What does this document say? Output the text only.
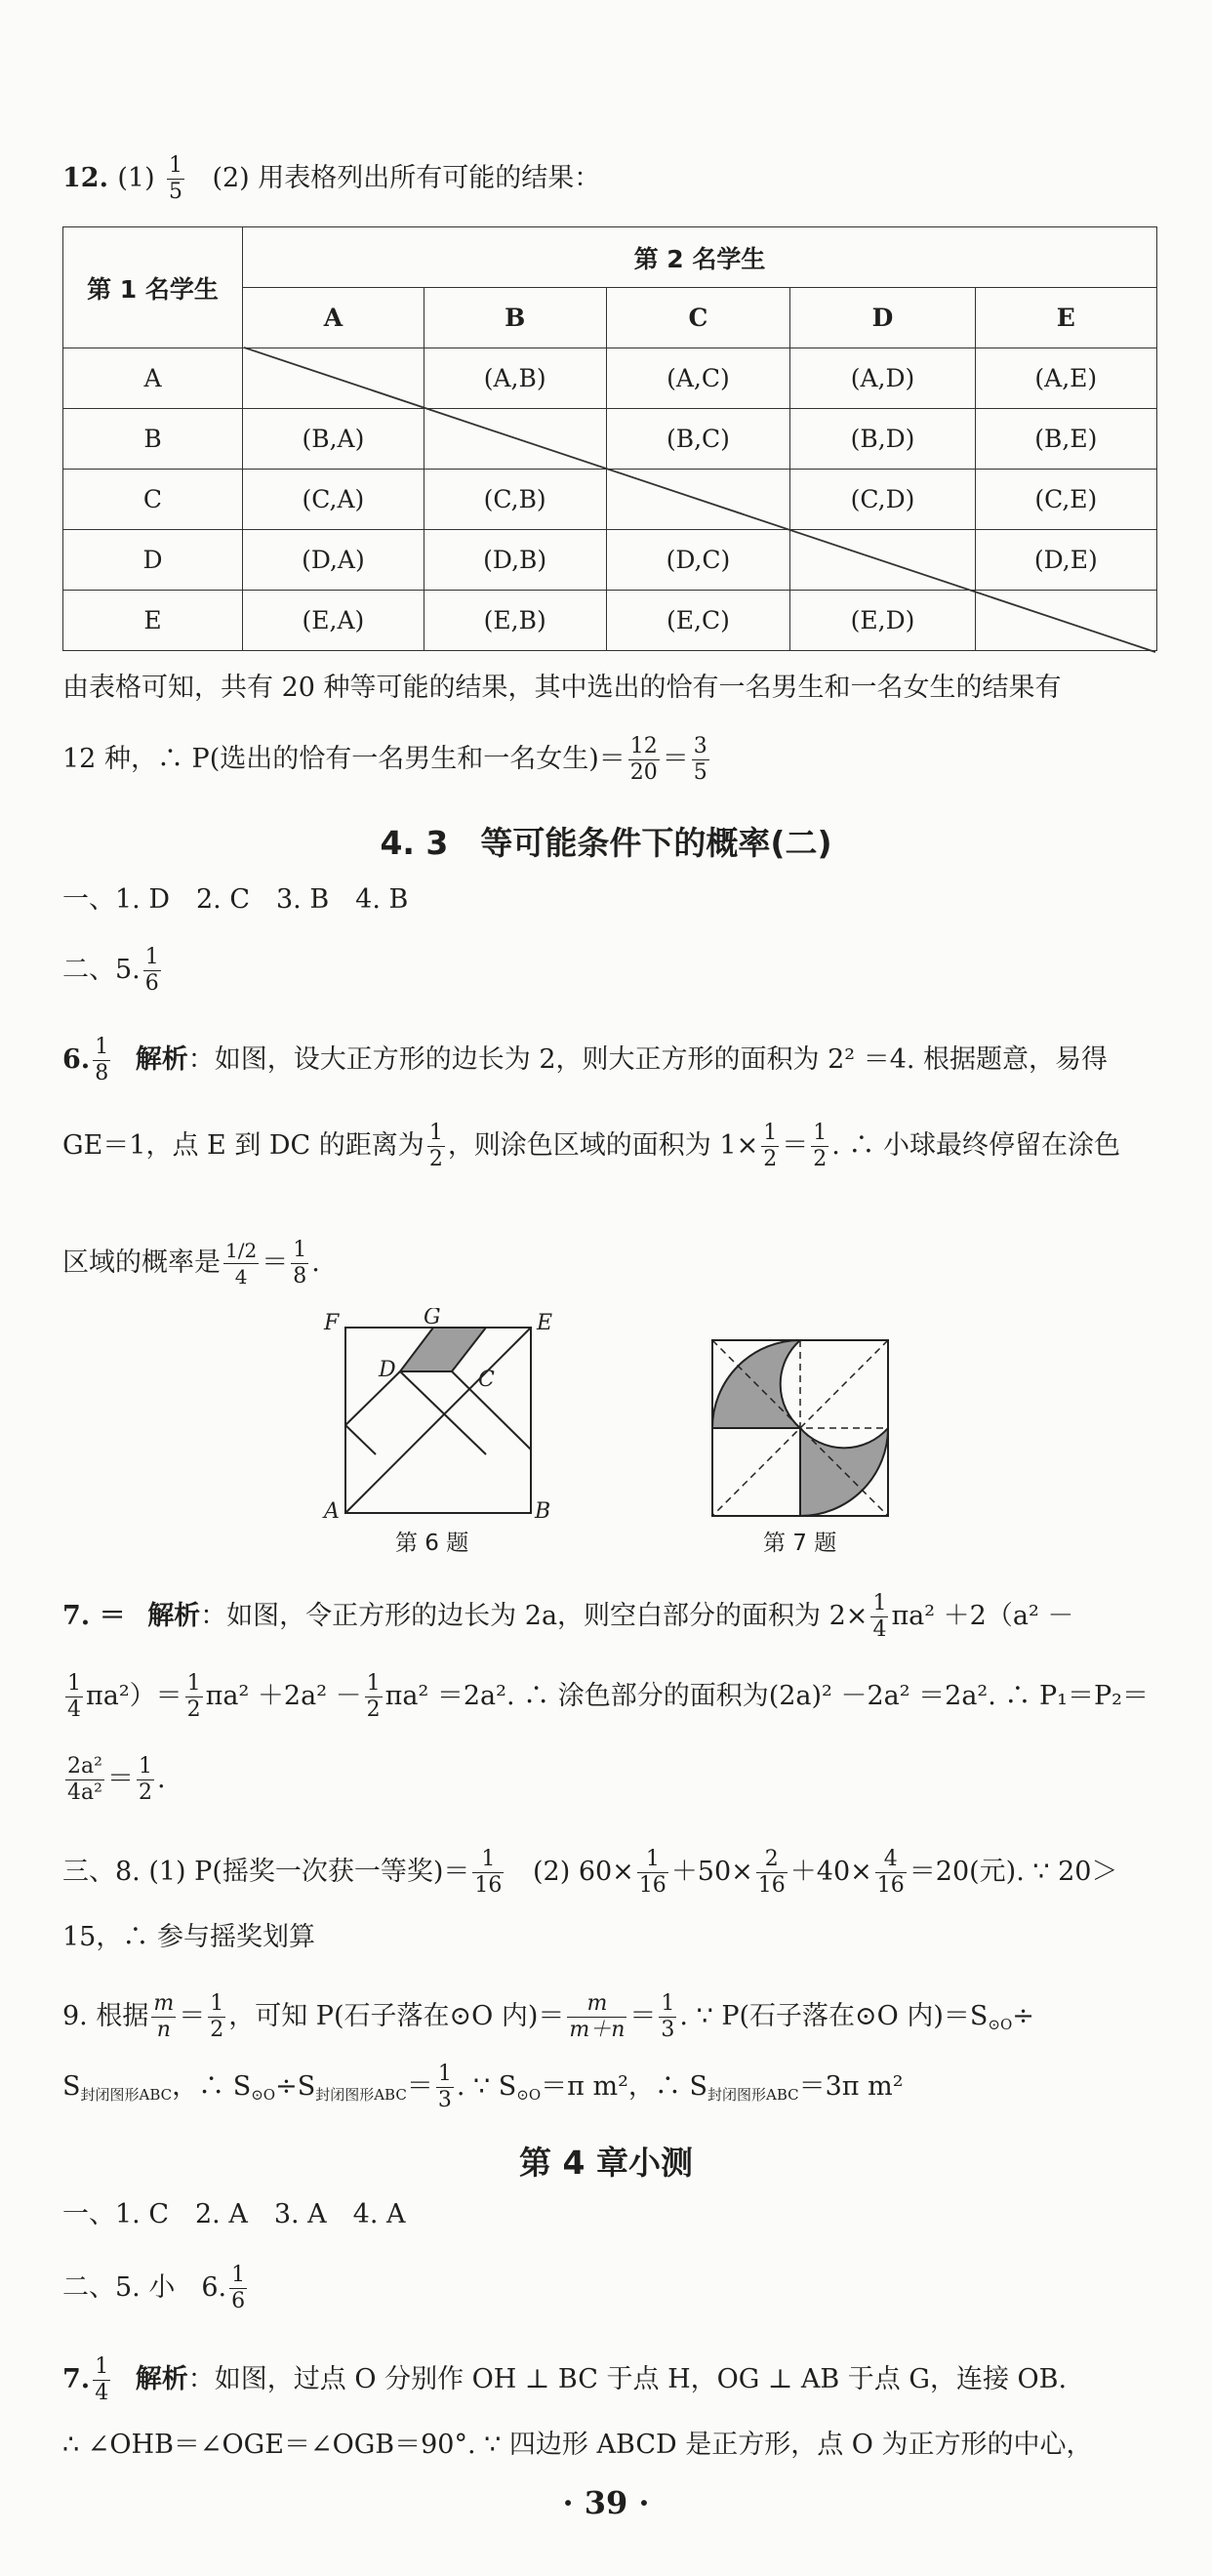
12. $(1) \frac{1}{5} (2)$ 用表格列出所有可能的结果：
第 1 名学生	第 2 名学生				
	A	B	C	D	E
A		(A,B)	(A,C)	(A,D)	(A,E)
B	(B,A)		(B,C)	(B,D)	(B,E)
C	(C,A)	(C,B)		(C,D)	(C,E)
D	(D,A)	(D,B)	(D,C)		(D,E)
E	(E,A)	(E,B)	(E,C)	(E,D)	
由表格可知，共有 20 种等可能的结果，其中选出的恰有一名男生和一名女生的结果有
12 种，∴ P(选出的恰有一名男生和一名女生)＝ $\frac{12}{20} = \frac{3}{5}$
4. 3　等可能条件下的概率(二)
一、1. D　2. C　3. B　4. B
二、5. $\frac{1}{6}$
6. $\frac{1}{8}$ 解析：如图，设大正方形的边长为 2，则大正方形的面积为 2² ＝4. 根据题意，易得
GE＝1，点 E 到 DC 的距离为 $\frac{1}{2}$ ，则涂色区域的面积为 $1\times \frac{1}{2} = \frac{1}{2}$ . ∴ 小球最终停留在涂色
区域的概率是 $\frac{1/2}{4} = \frac{1}{8}$ .
F	G	E
D	C
A	B
第 6 题	第 7 题
7. ＝ 解析：如图，令正方形的边长为 2a，则空白部分的面积为 $2\times \frac{1}{4} \pi a^2 +2(a^2$ －
$\frac{1}{4} \pi a^2)= \frac{1}{2} \pi a^2 +2a^2 - \frac{1}{2} \pi a^2 =2a^2$. ∴ 涂色部分的面积为(2a)² －2a² ＝2a². ∴ P₁＝P₂＝
$\frac{\text{2a²}}{\text{4a²}} = \frac{1}{2}$ .
三、8. (1) P(摇奖一次获一等奖)＝ $\frac{1}{16} (2)$ $60\times \frac{1}{16} +50\times \frac{2}{16} +40\times \frac{4}{16} =20$(元). ∵ 20＞
15，∴ 参与摇奖划算
9. 根据 $\frac{m}{n} = \frac{1}{2}$ ，可知 P(石子落在⊙O 内)＝ $\frac{m}{m+n} = \frac{1}{3}$ . ∵ P(石子落在⊙O 内)$=S_{⊙O}\div$
$S_{封闭图形ABC}$，∴ $S_{⊙O}\div S_{封闭图形ABC}= \frac{1}{3}$ . ∵ $S_{⊙O}=\pi$ m²，∴ $S_{封闭图形ABC}=3\pi$ m²
第 4 章小测
一、1. C　2. A　3. A　4. A
二、5. 小　6. $\frac{1}{6}$
7. $\frac{1}{4}$ 解析：如图，过点 O 分别作 OH ⊥ BC 于点 H，OG ⊥ AB 于点 G，连接 OB.
∴ ∠OHB＝∠OGE＝∠OGB＝90°. ∵ 四边形 ABCD 是正方形，点 O 为正方形的中心，
· 39 ·
